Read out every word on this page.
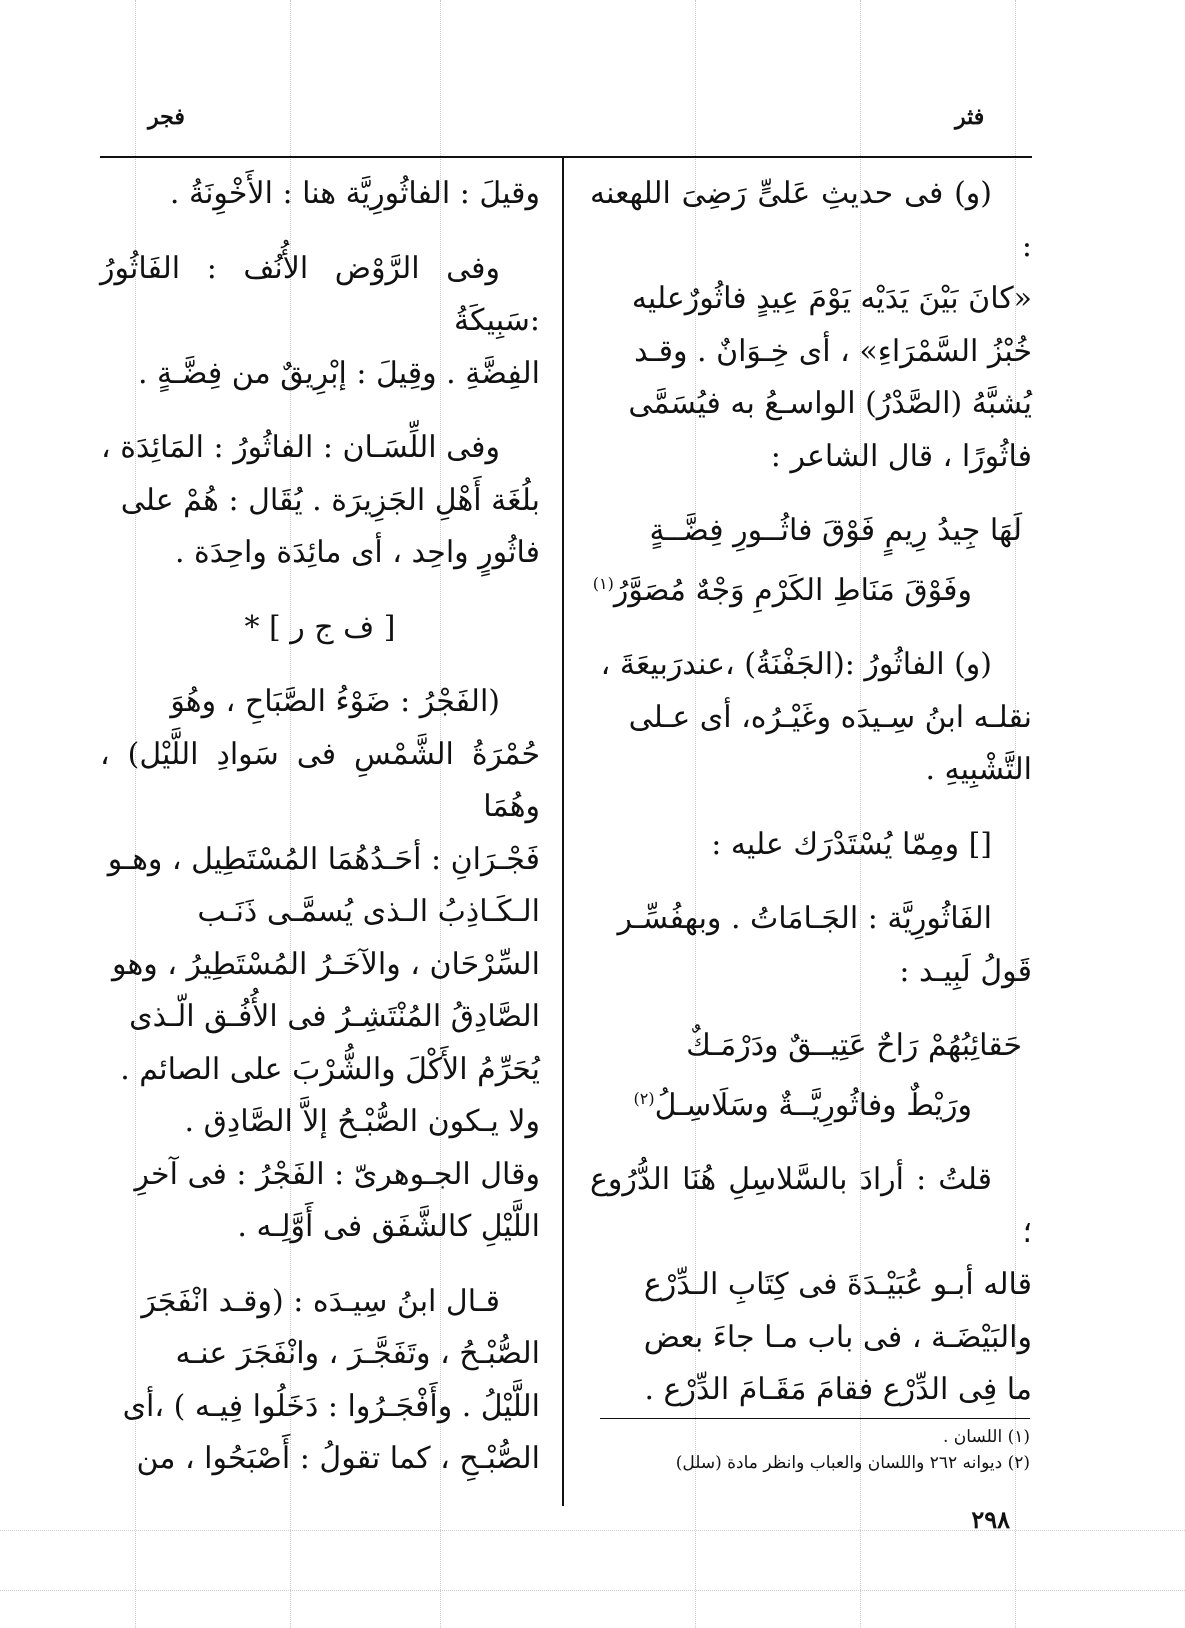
فثر
فجر

(و) فى حديثِ عَلىٍّ رَضِىَ اللهعنه :

«كانَ بَيْنَ يَدَيْه يَوْمَ عِيدٍ فاثُورٌعليه

خُبْزُ السَّمْرَاءِ» ، أى خِـوَانٌ . وقـد

يُشبَّهُ (الصَّدْرُ) الواسـعُ به فيُسَمَّى

فاثُورًا ، قال الشاعر :

لَهَا جِيدُ رِيمٍ فَوْقَ فاثُــورِ فِضَّــةٍ

وفَوْقَ مَنَاطِ الكَرْمِ وَجْهٌ مُصَوَّرُ$^{(١)}$

(و) الفاثُورُ :(الجَفْنَةُ) ،عندرَبيعَةَ ،

نقلـه ابنُ سِـيدَه وغَيْـرُه، أى عـلى

التَّشْبِيهِ .

[] ومِمّا يُسْتَدْرَك عليه :

الفَاثُورِيَّة : الجَـامَاتُ . وبهفُسِّـر

قَولُ لَبِيـد :

حَقائِبُهُمْ رَاحٌ عَتِيــقٌ ودَرْمَـكٌ

ورَيْطٌ وفاثُورِيَّــةٌ وسَلَاسِـلُ$^{(٢)}$

قلتُ : أرادَ بالسَّلاسِلِ هُنَا الدُّرُوع ؛

قاله أبـو عُبَيْـدَةَ فى كِتَابِ الـدِّرْع

والبَيْضَـة ، فى باب مـا جاءَ بعض

ما فِى الدِّرْع فقامَ مَقَـامَ الدِّرْع .

(١) اللسان .
(٢) ديوانه ٢٦٢ واللسان والعباب وانظر مادة (سلل)

وقيلَ : الفاثُورِيَّة هنا : الأَخْوِنَةُ .

وفى الرَّوْض الأُنُف : الفَاثُورُ :سَبِيكَةُ

الفِضَّةِ . وقِيلَ : إبْرِيقٌ من فِضَّـةٍ .

وفى اللِّسَـان : الفاثُورُ : المَائِدَة ،

بلُغَة أَهْلِ الجَزِيرَة . يُقَال : هُمْ على

فاثُورٍ واحِد ، أى مائِدَة واحِدَة .

[ ف ج ر ] *

(الفَجْرُ : ضَوْءُ الصَّبَاحِ ، وهُوَ

حُمْرَةُ الشَّمْسِ فى سَوادِ اللَّيْل) ، وهُمَا

فَجْـرَانِ : أحَـدُهُمَا المُسْتَطِيل ، وهـو

الـكَـاذِبُ الـذى يُسمَّـى ذَنَـب

السِّرْحَان ، والآخَـرُ المُسْتَطِيرُ ، وهو

الصَّادِقُ المُنْتَشِـرُ فى الأُفُـق الّـذى

يُحَرِّمُ الأَكْلَ والشُّرْبَ على الصائم .

ولا يـكون الصُّبْـحُ إلاَّ الصَّادِق .

وقال الجـوهرىّ : الفَجْرُ : فى آخرِ

اللَّيْلِ كالشَّفَق فى أَوَّلِـه .

قـال ابنُ سِيـدَه : (وقـد انْفَجَرَ

الصُّبْـحُ ، وتَفَجَّـرَ ، وانْفَجَرَ عنـه

اللَّيْلُ . وأَفْجَـرُوا : دَخَلُوا فِيـه ) ،أى

الصُّبْـحِ ، كما تقولُ : أَصْبَحُوا ، من

٢٩٨
